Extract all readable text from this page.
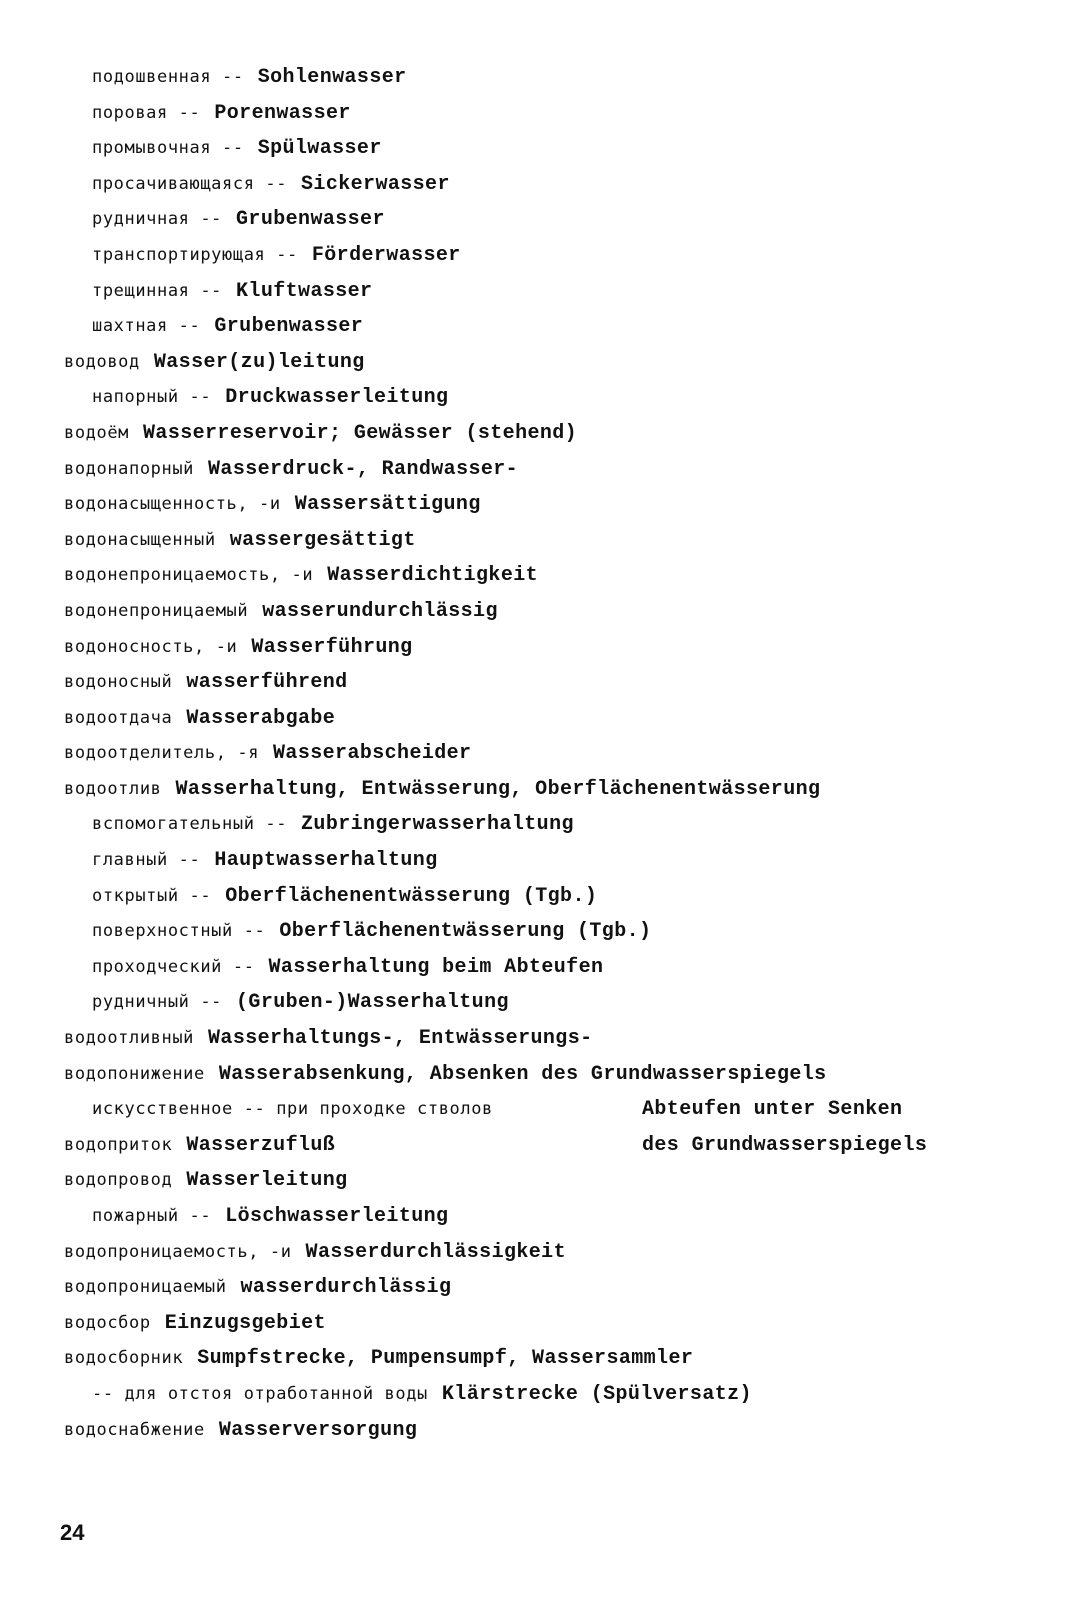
подошвенная -- Sohlenwasser
поровая -- Porenwasser
промывочная -- Spülwasser
просачивающаяся -- Sickerwasser
рудничная -- Grubenwasser
транспортирующая -- Förderwasser
трещинная -- Kluftwasser
шахтная -- Grubenwasser
водовод Wasser(zu)leitung
напорный -- Druckwasserleitung
водоём Wasserreservoir; Gewässer (stehend)
водонапорный Wasserdruck-, Randwasser-
водонасыщенность, -и Wassersättigung
водонасыщенный wassergesättigt
водонепроницаемость, -и Wasserdichtigkeit
водонепроницаемый wasserundurchlässig
водоносность, -и Wasserführung
водоносный wasserführend
водоотдача Wasserabgabe
водоотделитель, -я Wasserabscheider
водоотлив Wasserhaltung, Entwässerung, Oberflächenentwässerung
вспомогательный -- Zubringerwasserhaltung
главный -- Hauptwasserhaltung
открытый -- Oberflächenentwässerung (Tgb.)
поверхностный -- Oberflächenentwässerung (Tgb.)
проходческий -- Wasserhaltung beim Abteufen
рудничный -- (Gruben-)Wasserhaltung
водоотливный Wasserhaltungs-, Entwässerungs-
водопонижение Wasserabsenkung, Absenken des Grundwasserspiegels
искусственное -- при проходке стволов	Abteufen unter Senken
водоприток Wasserzufluß	des Grundwasserspiegels
водопровод Wasserleitung
пожарный -- Löschwasserleitung
водопроницаемость, -и Wasserdurchlässigkeit
водопроницаемый wasserdurchlässig
водосбор Einzugsgebiet
водосборник Sumpfstrecke, Pumpensumpf, Wassersammler
-- для отстоя отработанной воды Klärstrecke (Spülversatz)
водоснабжение Wasserversorgung
24
